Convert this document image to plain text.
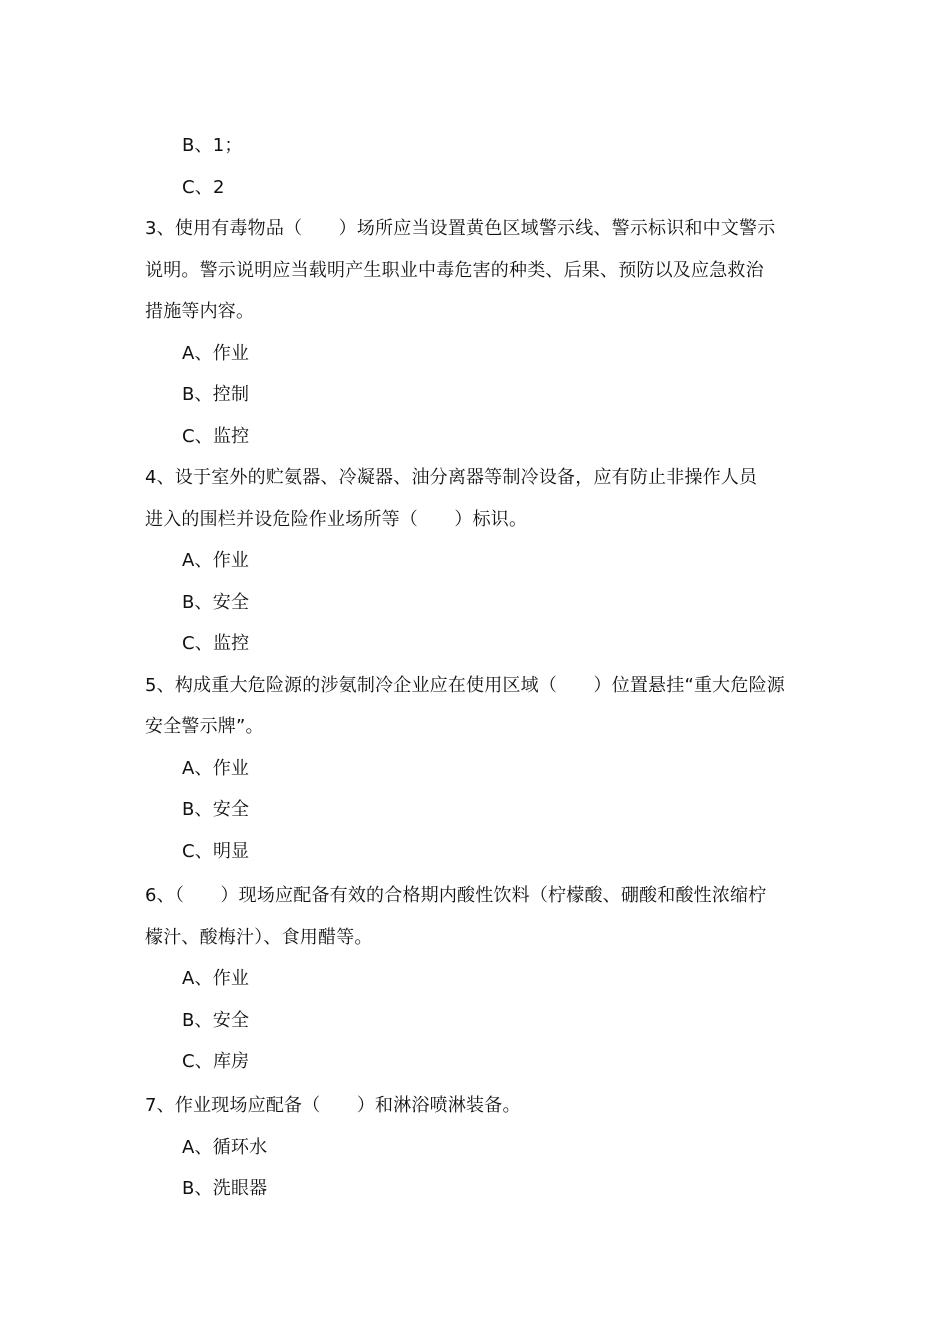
B、1；
C、2
3、使用有毒物品（　　）场所应当设置黄色区域警示线、警示标识和中文警示
说明。警示说明应当载明产生职业中毒危害的种类、后果、预防以及应急救治
措施等内容。
A、作业
B、控制
C、监控
4、设于室外的贮氨器、冷凝器、油分离器等制冷设备，应有防止非操作人员
进入的围栏并设危险作业场所等（　　）标识。
A、作业
B、安全
C、监控
5、构成重大危险源的涉氨制冷企业应在使用区域（　　）位置悬挂“重大危险源
安全警示牌”。
A、作业
B、安全
C、明显
6、（　　）现场应配备有效的合格期内酸性饮料（柠檬酸、硼酸和酸性浓缩柠
檬汁、酸梅汁）、食用醋等。
A、作业
B、安全
C、库房
7、作业现场应配备（　　）和淋浴喷淋装备。
A、循环水
B、洗眼器
